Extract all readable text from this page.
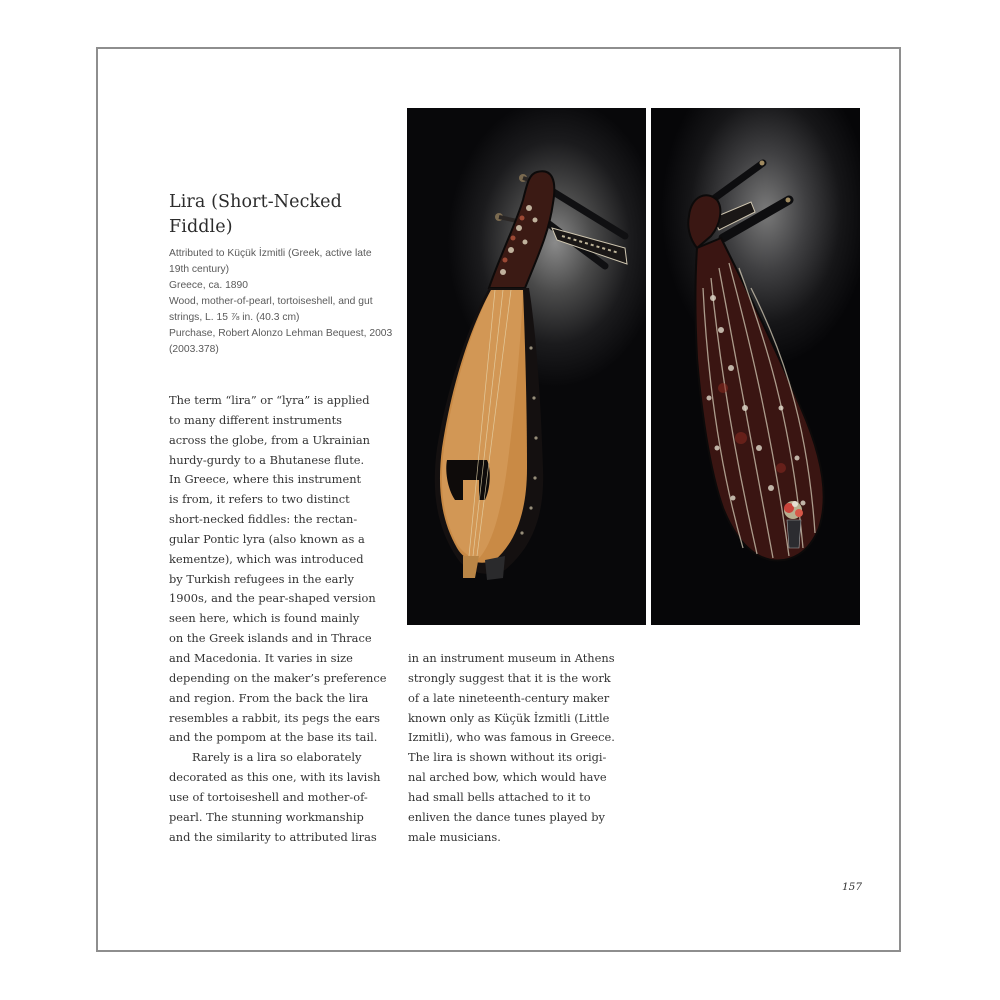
Lira (Short-Necked
Fiddle)
Attributed to Küçük İzmitli (Greek, active late
19th century)
Greece, ca. 1890
Wood, mother-of-pearl, tortoiseshell, and gut
strings, L. 15 ⅞ in. (40.3 cm)
Purchase, Robert Alonzo Lehman Bequest, 2003
(2003.378)
The term “lira” or “lyra” is applied
to many different instruments
across the globe, from a Ukrainian
hurdy-gurdy to a Bhutanese flute.
In Greece, where this instrument
is from, it refers to two distinct
short-necked fiddles: the rectan-
gular Pontic lyra (also known as a
kementze), which was introduced
by Turkish refugees in the early
1900s, and the pear-shaped version
seen here, which is found mainly
on the Greek islands and in Thrace
and Macedonia. It varies in size
depending on the maker’s preference
and region. From the back the lira
resembles a rabbit, its pegs the ears
and the pompom at the base its tail.
Rarely is a lira so elaborately
decorated as this one, with its lavish
use of tortoiseshell and mother-of-
pearl. The stunning workmanship
and the similarity to attributed liras
in an instrument museum in Athens
strongly suggest that it is the work
of a late nineteenth-century maker
known only as Küçük İzmitli (Little
Izmitli), who was famous in Greece.
The lira is shown without its origi-
nal arched bow, which would have
had small bells attached to it to
enliven the dance tunes played by
male musicians.
157
